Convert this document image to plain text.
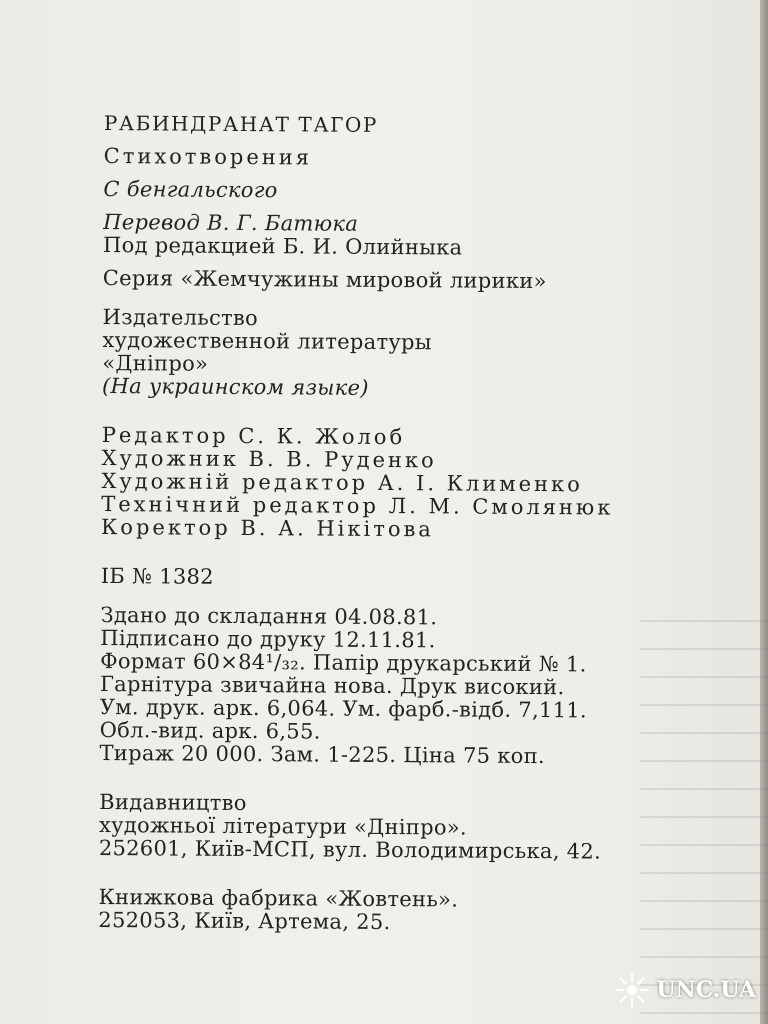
РАБИНДРАНАТ ТАГОР
Стихотворения
С бенгальского
Перевод В. Г. Батюка
Под редакцией Б. И. Олийныка
Серия «Жемчужины мировой лирики»
Издательство
художественной литературы
«Дніпро»
(На украинском языке)
Редактор С. К. Жолоб
Художник В. В. Руденко
Художній редактор А. І. Клименко
Технічний редактор Л. М. Смолянюк
Коректор В. А. Нікітова
ІБ № 1382
Здано до складання 04.08.81.
Підписано до друку 12.11.81.
Формат 60×84¹/₃₂. Папір друкарський № 1.
Гарнітура звичайна нова. Друк високий.
Ум. друк. арк. 6,064. Ум. фарб.-відб. 7,111.
Обл.-вид. арк. 6,55.
Тираж 20 000. Зам. 1-225. Ціна 75 коп.
Видавництво
художньої літератури «Дніпро».
252601, Київ-МСП, вул. Володимирська, 42.
Книжкова фабрика «Жовтень».
252053, Київ, Артема, 25.
UNC.UA
